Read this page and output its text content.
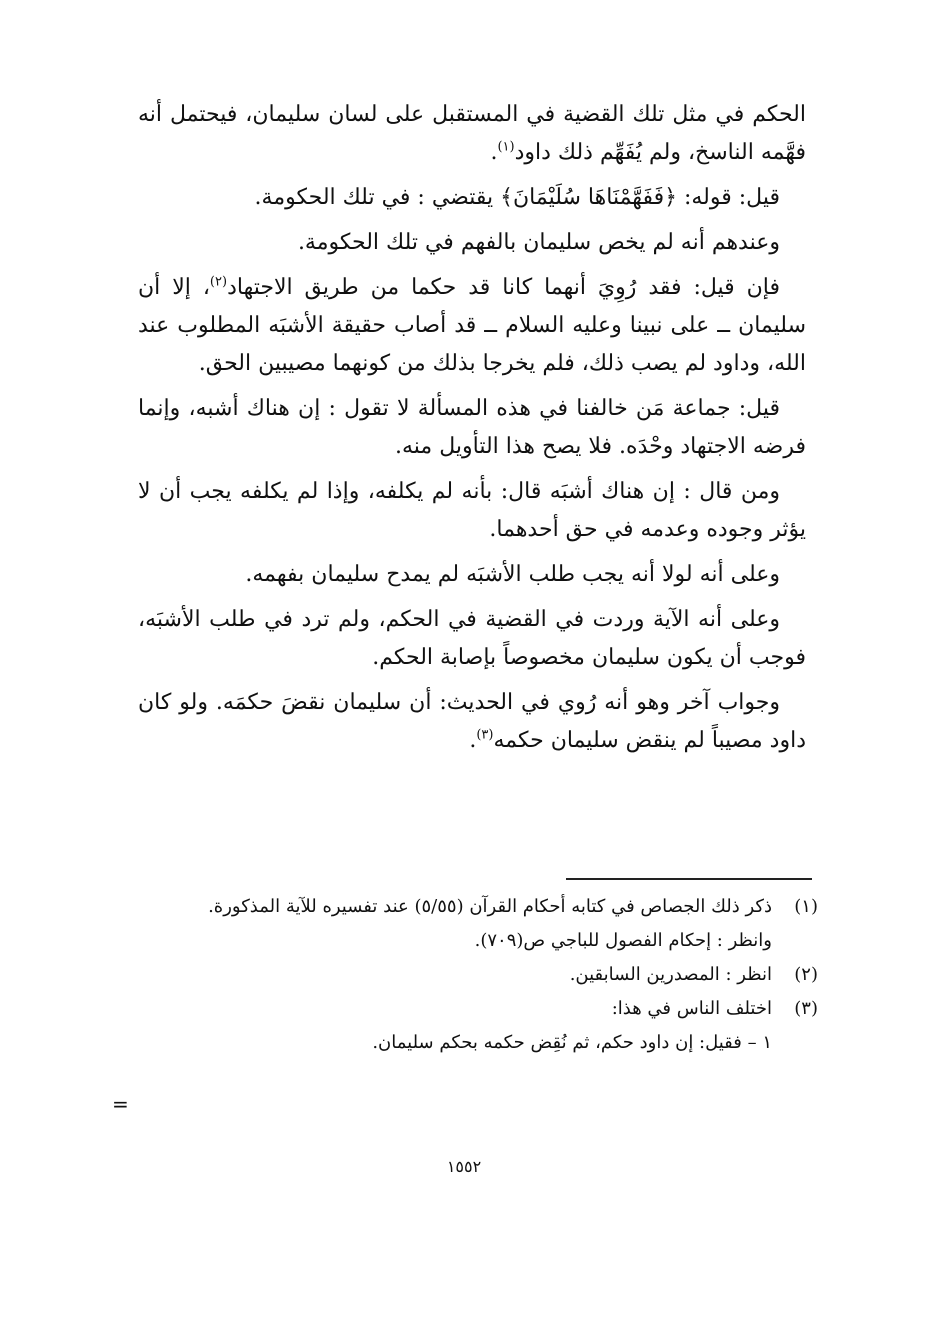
الحكم في مثل تلك القضية في المستقبل على لسان سليمان، فيحتمل أنه فهَّمه الناسخ، ولم يُفَهِّم ذلك داود$^{(١)}$.

قيل: قوله: ﴿فَفَهَّمْنَاهَا سُلَيْمَانَ﴾ يقتضي : في تلك الحكومة.

وعندهم أنه لم يخص سليمان بالفهم في تلك الحكومة.

فإن قيل: فقد رُوِيَ أنهما كانا قد حكما من طريق الاجتهاد$^{(٢)}$، إلا أن سليمان ــ على نبينا وعليه السلام ــ قد أصاب حقيقة الأشبَه المطلوب عند الله، وداود لم يصب ذلك، فلم يخرجا بذلك من كونهما مصيبين الحق.

قيل: جماعة مَن خالفنا في هذه المسألة لا تقول : إن هناك أشبه، وإنما فرضه الاجتهاد وحْدَه. فلا يصح هذا التأويل منه.

ومن قال : إن هناك أشبَه قال: بأنه لم يكلفه، وإذا لم يكلفه يجب أن لا يؤثر وجوده وعدمه في حق أحدهما.

وعلى أنه لولا أنه يجب طلب الأشبَه لم يمدح سليمان بفهمه.

وعلى أنه الآية وردت في القضية في الحكم، ولم ترد في طلب الأشبَه، فوجب أن يكون سليمان مخصوصاً بإصابة الحكم.

وجواب آخر وهو أنه رُوي في الحديث: أن سليمان نقضَ حكمَه. ولو كان داود مصيباً لم ينقض سليمان حكمه$^{(٣)}$.

(١)
ذكر ذلك الجصاص في كتابه أحكام القرآن (٥/٥٥) عند تفسيره للآية المذكورة.
وانظر : إحكام الفصول للباجي ص(٧٠٩).
(٢)
انظر : المصدرين السابقين.
(٣)
اختلف الناس في هذا:
١ – فقيل: إن داود حكم، ثم نُقِض حكمه بحكم سليمان.
=
١٥٥٢
